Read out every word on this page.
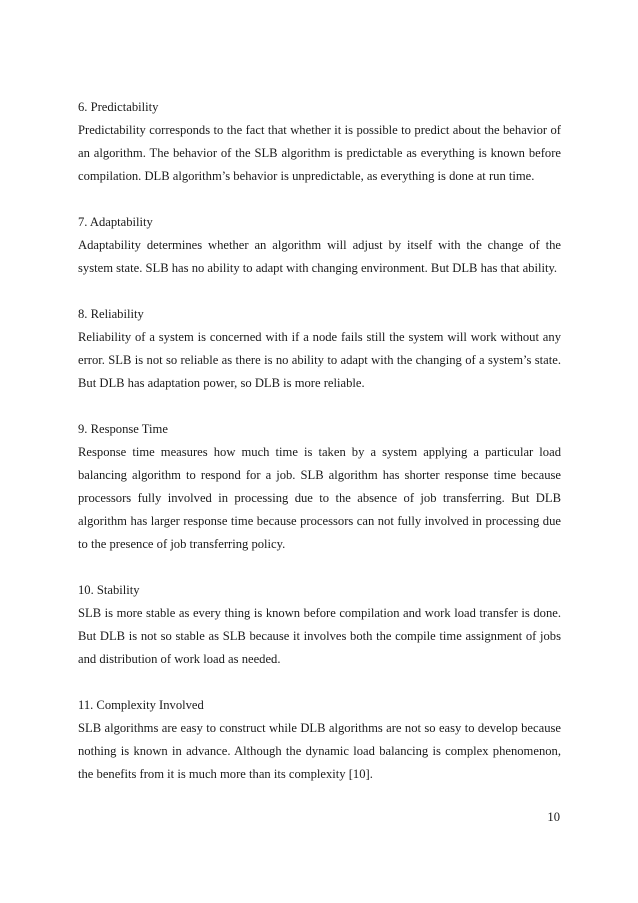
6. Predictability

Predictability corresponds to the fact that whether it is possible to predict about the behavior of an algorithm. The behavior of the SLB algorithm is predictable as everything is known before compilation. DLB algorithm’s behavior is unpredictable, as everything is done at run time.

7. Adaptability

Adaptability determines whether an algorithm will adjust by itself with the change of the system state. SLB has no ability to adapt with changing environment. But DLB has that ability.

8. Reliability

Reliability of a system is concerned with if a node fails still the system will work without any error. SLB is not so reliable as there is no ability to adapt with the changing of a system’s state. But DLB has adaptation power, so DLB is more reliable.

9. Response Time

Response time measures how much time is taken by a system applying a particular load balancing algorithm to respond for a job. SLB algorithm has shorter response time because processors fully involved in processing due to the absence of job transferring. But DLB algorithm has larger response time because processors can not fully involved in processing due to the presence of job transferring policy.

10. Stability

SLB is more stable as every thing is known before compilation and work load transfer is done. But DLB is not so stable as SLB because it involves both the compile time assignment of jobs and distribution of work load as needed.

11. Complexity Involved

SLB algorithms are easy to construct while DLB algorithms are not so easy to develop because nothing is known in advance. Although the dynamic load balancing is complex phenomenon, the benefits from it is much more than its complexity [10].

10
